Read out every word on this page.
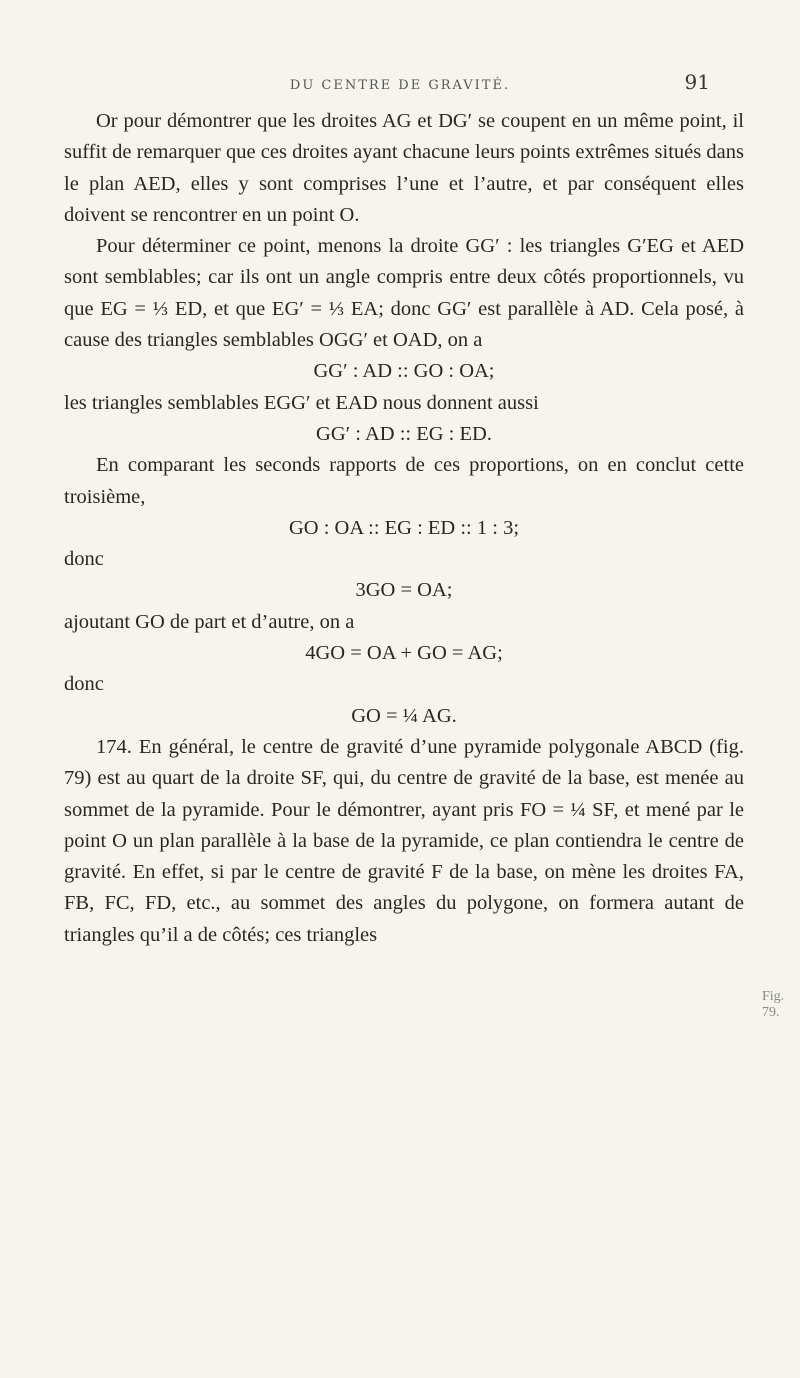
DU CENTRE DE GRAVITÉ.	91

Or pour démontrer que les droites AG et DG′ se coupent en un même point, il suffit de remarquer que ces droites ayant chacune leurs points extrêmes situés dans le plan AED, elles y sont comprises l’une et l’autre, et par conséquent elles doivent se rencontrer en un point O.

Pour déterminer ce point, menons la droite GG′ : les triangles G′EG et AED sont semblables; car ils ont un angle compris entre deux côtés proportionnels, vu que EG = ⅓ ED, et que EG′ = ⅓ EA; donc GG′ est parallèle à AD. Cela posé, à cause des triangles semblables OGG′ et OAD, on a

GG′ : AD :: GO : OA;

les triangles semblables EGG′ et EAD nous donnent aussi

GG′ : AD :: EG : ED.

En comparant les seconds rapports de ces proportions, on en conclut cette troisième,

GO : OA :: EG : ED :: 1 : 3;

donc

3GO = OA;

ajoutant GO de part et d’autre, on a

4GO = OA + GO = AG;

donc

GO = ¼ AG.

174. En général, le centre de gravité d’une pyramide polygonale ABCD (fig. 79) est au quart de la droite SF, qui, du centre de gravité de la base, est menée au sommet de la pyramide. Pour le démontrer, ayant pris FO = ¼ SF, et mené par le point O un plan parallèle à la base de la pyramide, ce plan contiendra le centre de gravité. En effet, si par le centre de gravité F de la base, on mène les droites FA, FB, FC, FD, etc., au sommet des angles du polygone, on formera autant de triangles qu’il a de côtés; ces triangles

Fig. 79.
